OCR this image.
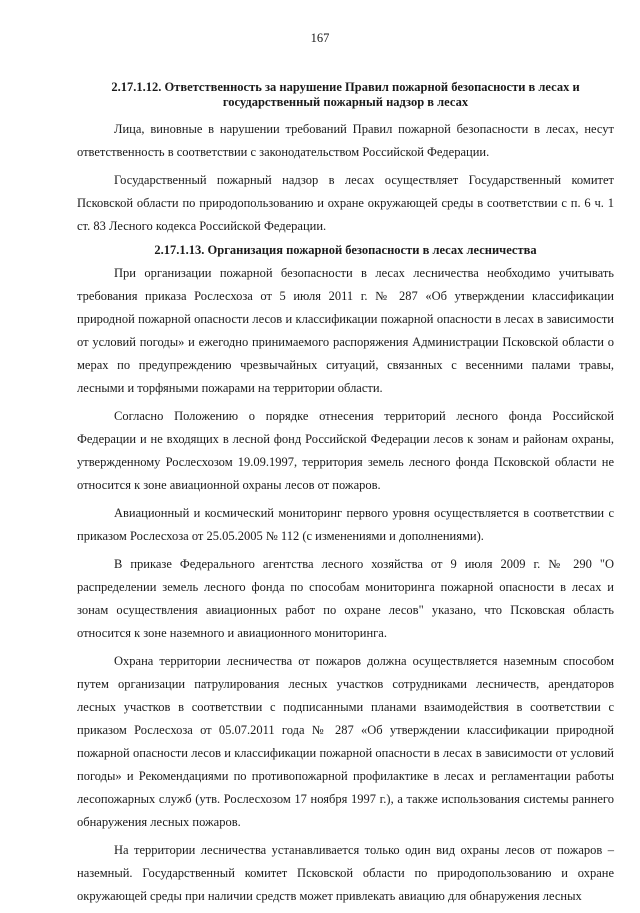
167
2.17.1.12. Ответственность за нарушение Правил пожарной безопасности в лесах и
государственный пожарный надзор в лесах

Лица, виновные в нарушении требований Правил пожарной безопасности в лесах, несут ответственность в соответствии с законодательством Российской Федерации.

Государственный пожарный надзор в лесах осуществляет Государственный комитет Псковской области по природопользованию и охране окружающей среды в соответствии с п. 6 ч. 1 ст. 83 Лесного кодекса Российской Федерации.

2.17.1.13. Организация пожарной безопасности в лесах лесничества

При организации пожарной безопасности в лесах лесничества необходимо учитывать требования приказа Рослесхоза от 5 июля 2011 г. № 287 «Об утверждении классификации природной пожарной опасности лесов и классификации пожарной опасности в лесах в зависимости от условий погоды» и ежегодно принимаемого распоряжения Администрации Псковской области о мерах по предупреждению чрезвычайных ситуаций, связанных с весенними палами травы, лесными и торфяными пожарами на территории области.

Согласно Положению о порядке отнесения территорий лесного фонда Российской Федерации и не входящих в лесной фонд Российской Федерации лесов к зонам и районам охраны, утвержденному Рослесхозом 19.09.1997, территория земель лесного фонда Псковской области не относится к зоне авиационной охраны лесов от пожаров.

Авиационный и космический мониторинг первого уровня осуществляется в соответствии с приказом Рослесхоза от 25.05.2005 № 112 (с изменениями и дополнениями).

В приказе Федерального агентства лесного хозяйства от 9 июля 2009 г. № 290 "О распределении земель лесного фонда по способам мониторинга пожарной опасности в лесах и зонам осуществления авиационных работ по охране лесов" указано, что Псковская область относится к зоне наземного и авиационного мониторинга.

Охрана территории лесничества от пожаров должна осуществляется наземным способом путем организации патрулирования лесных участков сотрудниками лесничеств, арендаторов лесных участков в соответствии с подписанными планами взаимодействия в соответствии с приказом Рослесхоза от 05.07.2011 года № 287 «Об утверждении классификации природной пожарной опасности лесов и классификации пожарной опасности в лесах в зависимости от условий погоды» и Рекомендациями по противопожарной профилактике в лесах и регламентации работы лесопожарных служб (утв. Рослесхозом 17 ноября 1997 г.), а также использования системы раннего обнаружения лесных пожаров.

На территории лесничества устанавливается только один вид охраны лесов от пожаров – наземный. Государственный комитет Псковской области по природопользованию и охране окружающей среды при наличии средств может привлекать авиацию для обнаружения лесных
